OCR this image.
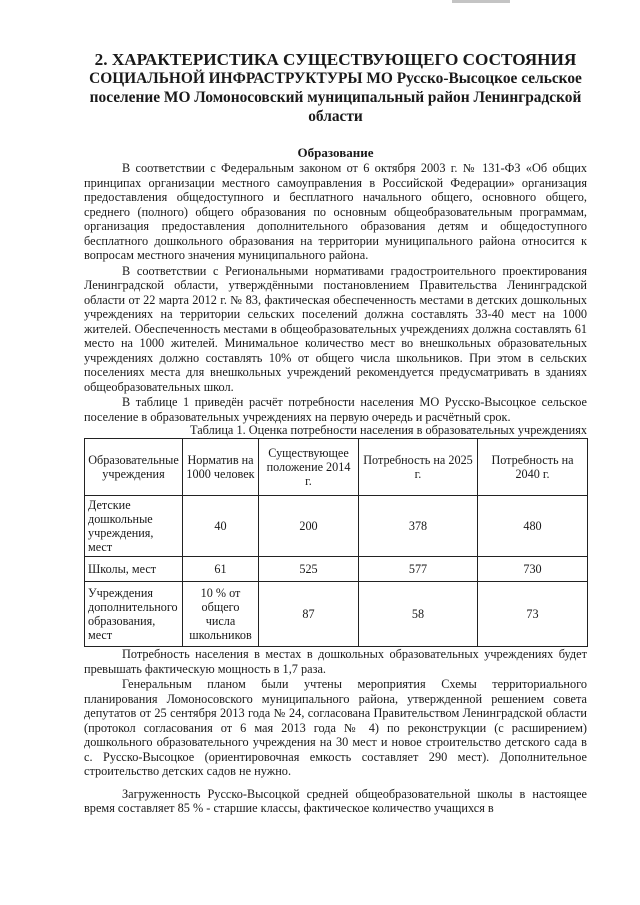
2. ХАРАКТЕРИСТИКА СУЩЕСТВУЮЩЕГО СОСТОЯНИЯ
СОЦИАЛЬНОЙ ИНФРАСТРУКТУРЫ МО Русско-Высоцкое сельское поселение МО Ломоносовский муниципальный район Ленинградской области
Образование

В соответствии с Федеральным законом от 6 октября 2003 г. № 131-ФЗ «Об общих принципах организации местного самоуправления в Российской Федерации» организация предоставления общедоступного и бесплатного начального общего, основного общего, среднего (полного) общего образования по основным общеобразовательным программам, организация предоставления дополнительного образования детям и общедоступного бесплатного дошкольного образования на территории муниципального района относится к вопросам местного значения муниципального района.

В соответствии с Региональными нормативами градостроительного проектирования Ленинградской области, утверждёнными постановлением Правительства Ленинградской области от 22 марта 2012 г. № 83, фактическая обеспеченность местами в детских дошкольных учреждениях на территории сельских поселений должна составлять 33-40 мест на 1000 жителей. Обеспеченность местами в общеобразовательных учреждениях должна составлять 61 место на 1000 жителей. Минимальное количество мест во внешкольных образовательных учреждениях должно составлять 10% от общего числа школьников. При этом в сельских поселениях места для внешкольных учреждений рекомендуется предусматривать в зданиях общеобразовательных школ.

В таблице 1 приведён расчёт потребности населения МО Русско-Высоцкое сельское поселение в образовательных учреждениях на первую очередь и расчётный срок.

Таблица 1. Оценка потребности населения в образовательных учреждениях
Образовательные учреждения	Норматив на 1000 человек	Существующее положение 2014 г.	Потребность на 2025 г.	Потребность на 2040 г.
Детские дошкольные учреждения, мест	40	200	378	480
Школы, мест	61	525	577	730
Учреждения дополнительного образования, мест	10 % от общего числа школьников	87	58	73

Потребность населения в местах в дошкольных образовательных учреждениях будет превышать фактическую мощность в 1,7 раза.

Генеральным планом были учтены мероприятия Схемы территориального планирования Ломоносовского муниципального района, утвержденной решением совета депутатов от 25 сентября 2013 года № 24, согласована Правительством Ленинградской области (протокол согласования от 6 мая 2013 года № 4) по реконструкции (с расширением) дошкольного образовательного учреждения на 30 мест и новое строительство детского сада в с. Русско-Высоцкое (ориентировочная емкость составляет 290 мест). Дополнительное строительство детских садов не нужно.

Загруженность Русско-Высоцкой средней общеобразовательной школы в настоящее время составляет 85 % - старшие классы, фактическое количество учащихся в
